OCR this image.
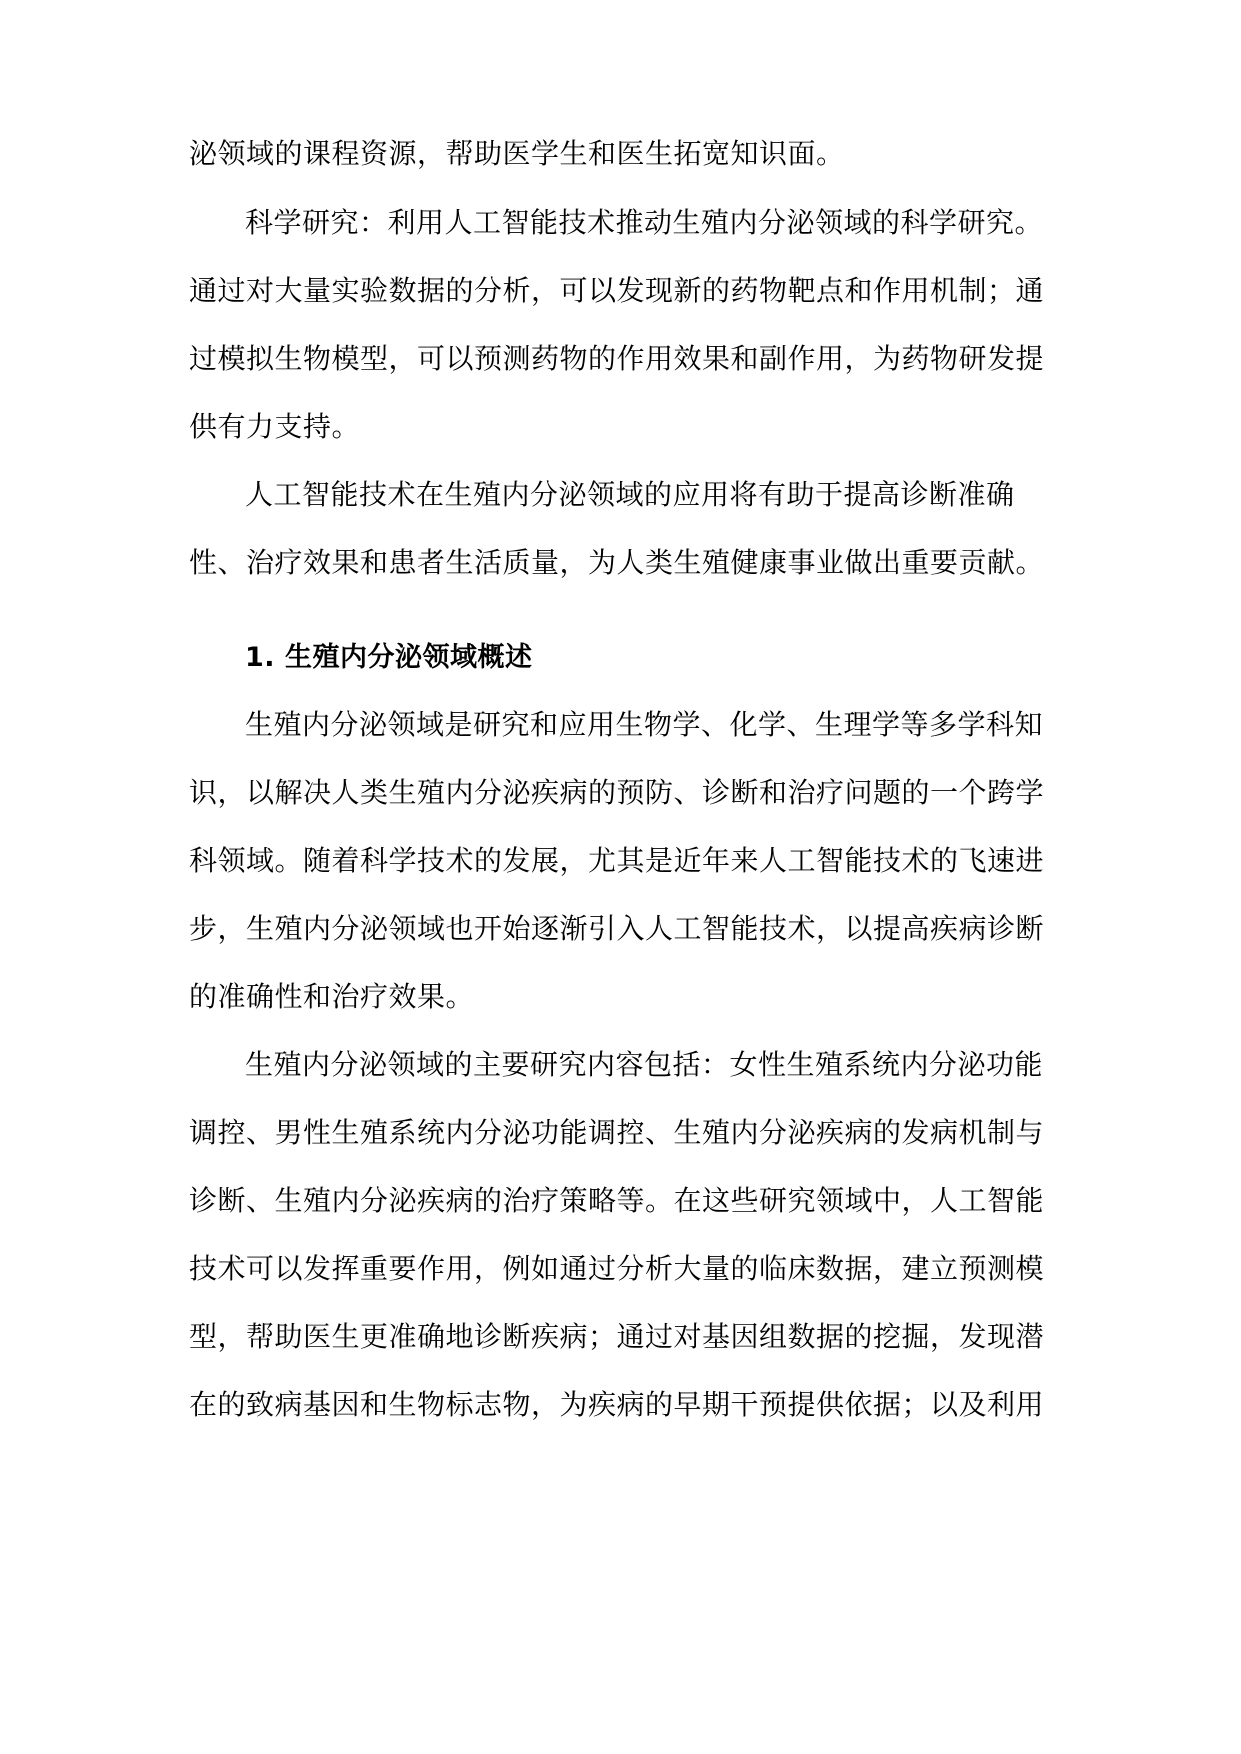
泌领域的课程资源，帮助医学生和医生拓宽知识面。
科学研究：利用人工智能技术推动生殖内分泌领域的科学研究。
通过对大量实验数据的分析，可以发现新的药物靶点和作用机制；通
过模拟生物模型，可以预测药物的作用效果和副作用，为药物研发提
供有力支持。
人工智能技术在生殖内分泌领域的应用将有助于提高诊断准确
性、治疗效果和患者生活质量，为人类生殖健康事业做出重要贡献。
1. 生殖内分泌领域概述
生殖内分泌领域是研究和应用生物学、化学、生理学等多学科知
识，以解决人类生殖内分泌疾病的预防、诊断和治疗问题的一个跨学
科领域。随着科学技术的发展，尤其是近年来人工智能技术的飞速进
步，生殖内分泌领域也开始逐渐引入人工智能技术，以提高疾病诊断
的准确性和治疗效果。
生殖内分泌领域的主要研究内容包括：女性生殖系统内分泌功能
调控、男性生殖系统内分泌功能调控、生殖内分泌疾病的发病机制与
诊断、生殖内分泌疾病的治疗策略等。在这些研究领域中，人工智能
技术可以发挥重要作用，例如通过分析大量的临床数据，建立预测模
型，帮助医生更准确地诊断疾病；通过对基因组数据的挖掘，发现潜
在的致病基因和生物标志物，为疾病的早期干预提供依据；以及利用
